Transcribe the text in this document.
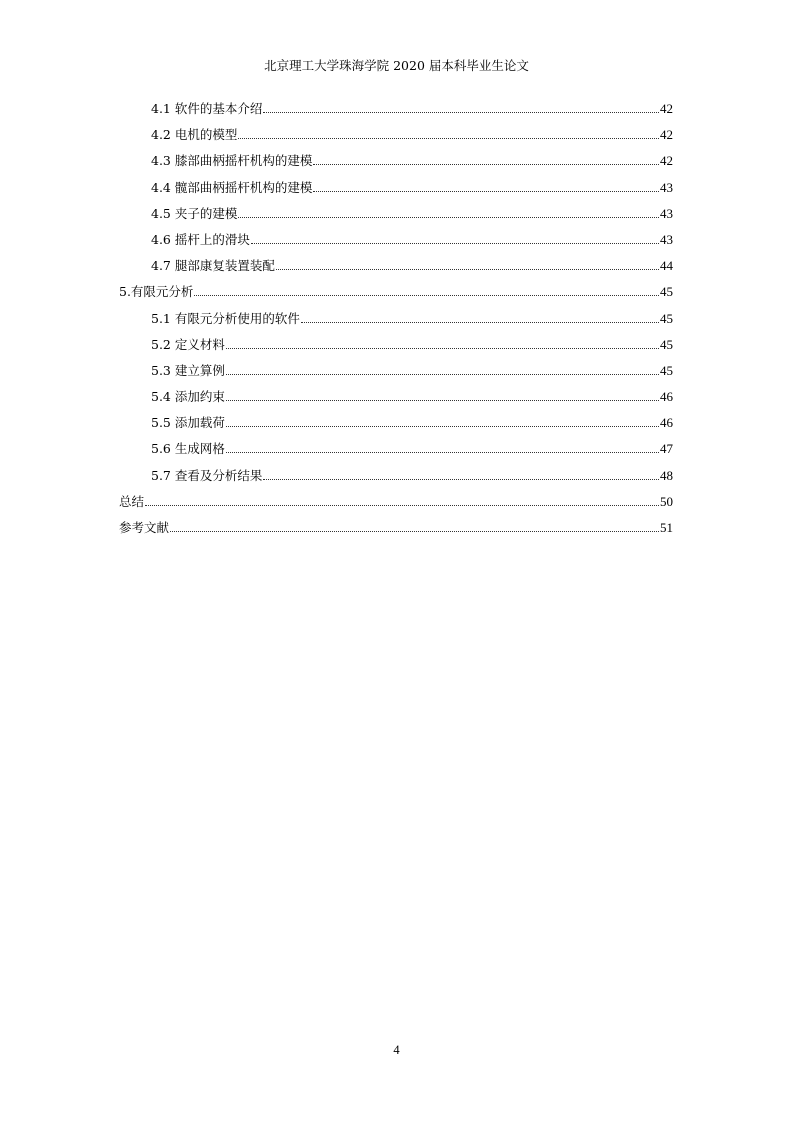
北京理工大学珠海学院 2020 届本科毕业生论文
4.1 软件的基本介绍	42
4.2 电机的模型	42
4.3 膝部曲柄摇杆机构的建模	42
4.4 髋部曲柄摇杆机构的建模	43
4.5 夹子的建模	43
4.6 摇杆上的滑块	43
4.7 腿部康复装置装配	44
5.有限元分析	45
5.1 有限元分析使用的软件	45
5.2 定义材料	45
5.3 建立算例	45
5.4 添加约束	46
5.5 添加载荷	46
5.6 生成网格	47
5.7 查看及分析结果	48
总结	50
参考文献	51
4
